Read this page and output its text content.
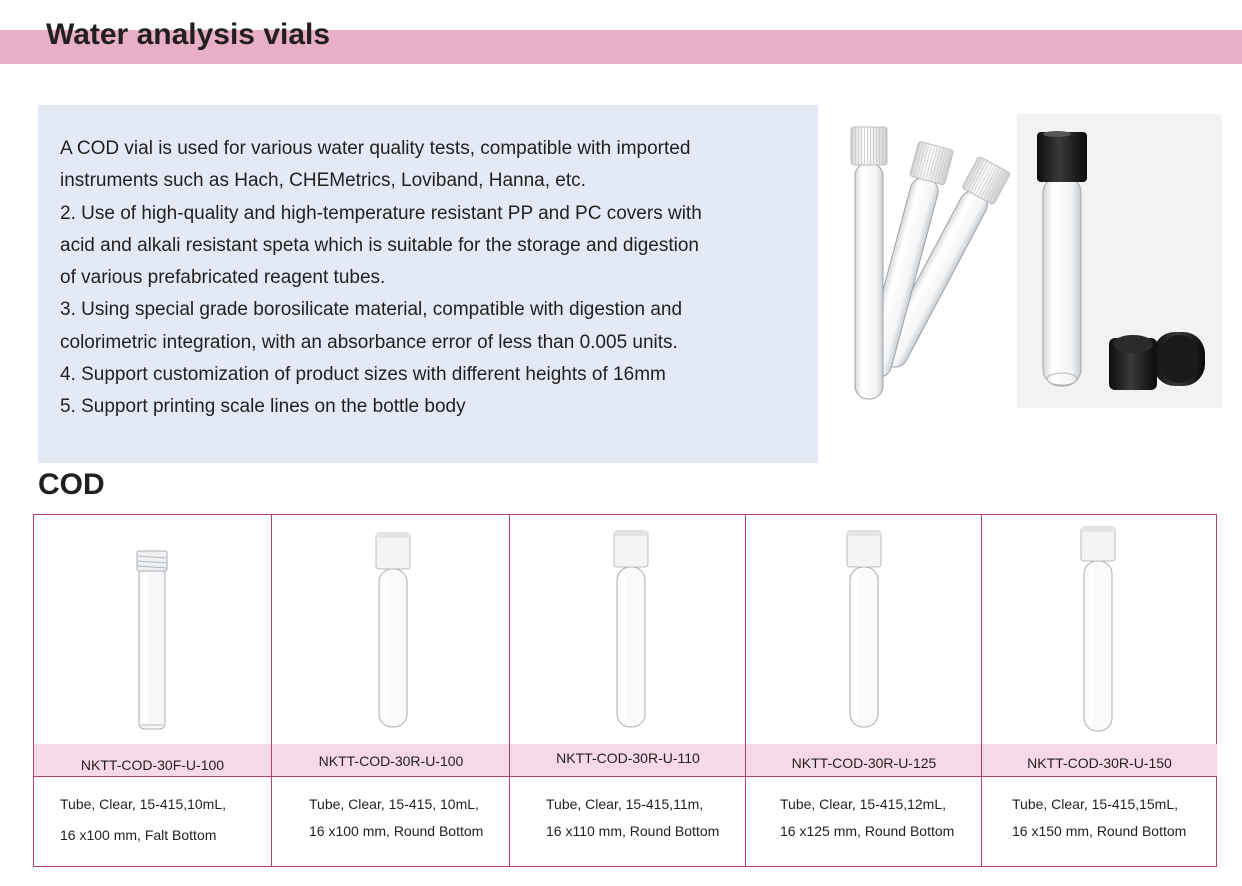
Water analysis vials
A COD vial is used for various water quality tests, compatible with imported
instruments such as Hach, CHEMetrics, Loviband, Hanna, etc.
2. Use of high-quality and high-temperature resistant PP and PC covers with
acid and alkali resistant speta which is suitable for the storage and digestion
of various prefabricated reagent tubes.
3. Using special grade borosilicate material, compatible with digestion and
colorimetric integration, with an absorbance error of less than 0.005 units.
4. Support customization of product sizes with different heights of 16mm
5. Support printing scale lines on the bottle body
COD
NKTT-COD-30F-U-100
Tube, Clear, 15-415,10mL,
16 x100 mm, Falt Bottom
NKTT-COD-30R-U-100
Tube, Clear, 15-415, 10mL,
16 x100 mm, Round Bottom
NKTT-COD-30R-U-110
Tube, Clear, 15-415,11m,
16 x110 mm, Round Bottom
NKTT-COD-30R-U-125
Tube, Clear, 15-415,12mL,
16 x125 mm, Round Bottom
NKTT-COD-30R-U-150
Tube, Clear, 15-415,15mL,
16 x150 mm, Round Bottom
